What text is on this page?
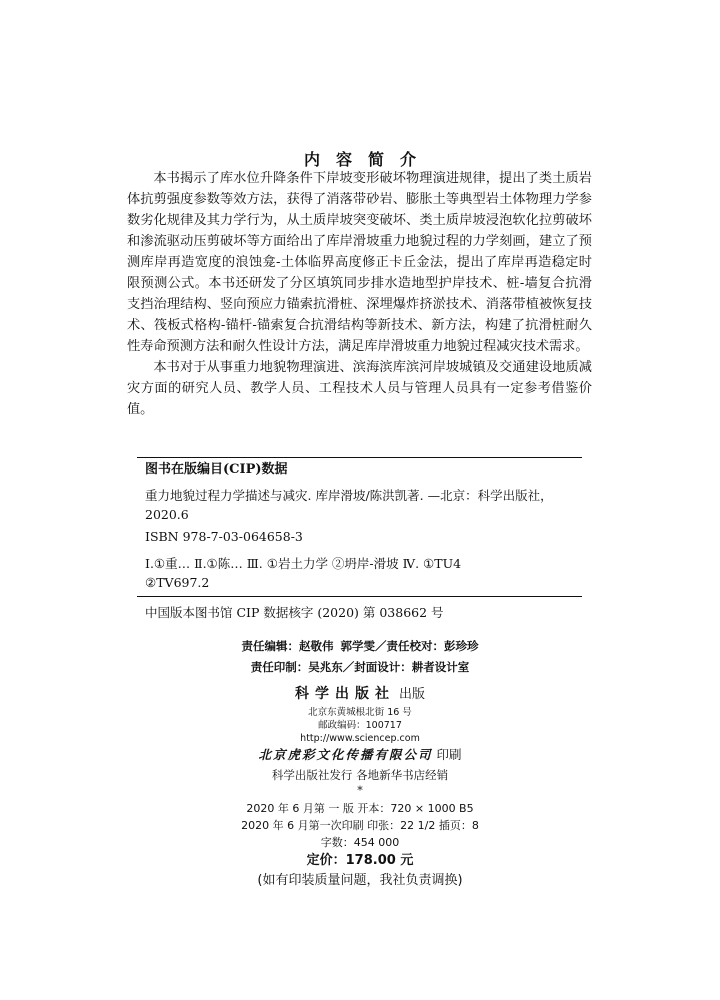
内容简介

本书揭示了库水位升降条件下岸坡变形破坏物理演进规律，提出了类土质岩体抗剪强度参数等效方法，获得了消落带砂岩、膨胀土等典型岩土体物理力学参数劣化规律及其力学行为，从土质岸坡突变破坏、类土质岸坡浸泡软化拉剪破坏和渗流驱动压剪破坏等方面给出了库岸滑坡重力地貌过程的力学刻画，建立了预测库岸再造宽度的浪蚀龛-土体临界高度修正卡丘金法，提出了库岸再造稳定时限预测公式。本书还研发了分区填筑同步排水造地型护岸技术、桩-墙复合抗滑支挡治理结构、竖向预应力锚索抗滑桩、深埋爆炸挤淤技术、消落带植被恢复技术、筏板式格构-锚杆-锚索复合抗滑结构等新技术、新方法，构建了抗滑桩耐久性寿命预测方法和耐久性设计方法，满足库岸滑坡重力地貌过程减灾技术需求。

本书对于从事重力地貌物理演进、滨海滨库滨河岸坡城镇及交通建设地质减灾方面的研究人员、教学人员、工程技术人员与管理人员具有一定参考借鉴价值。

图书在版编目(CIP)数据
重力地貌过程力学描述与减灾. 库岸滑坡/陈洪凯著. —北京：科学出版社，
2020.6
ISBN 978-7-03-064658-3
Ⅰ.①重… Ⅱ.①陈… Ⅲ. ①岩土力学 ②坍岸-滑坡 Ⅳ. ①TU4
②TV697.2
中国版本图书馆 CIP 数据核字 (2020) 第 038662 号
责任编辑：赵敬伟 郭学雯／责任校对：彭珍珍
责任印制：吴兆东／封面设计：耕者设计室
科学出版社 出版
北京东黄城根北街 16 号
邮政编码：100717
http://www.sciencep.com
北京虎彩文化传播有限公司 印刷
科学出版社发行 各地新华书店经销
*
2020 年 6 月第 一 版 开本：720 × 1000 B5
2020 年 6 月第一次印刷 印张：22 1/2 插页：8
字数：454 000
定价：178.00 元
(如有印装质量问题，我社负责调换)
